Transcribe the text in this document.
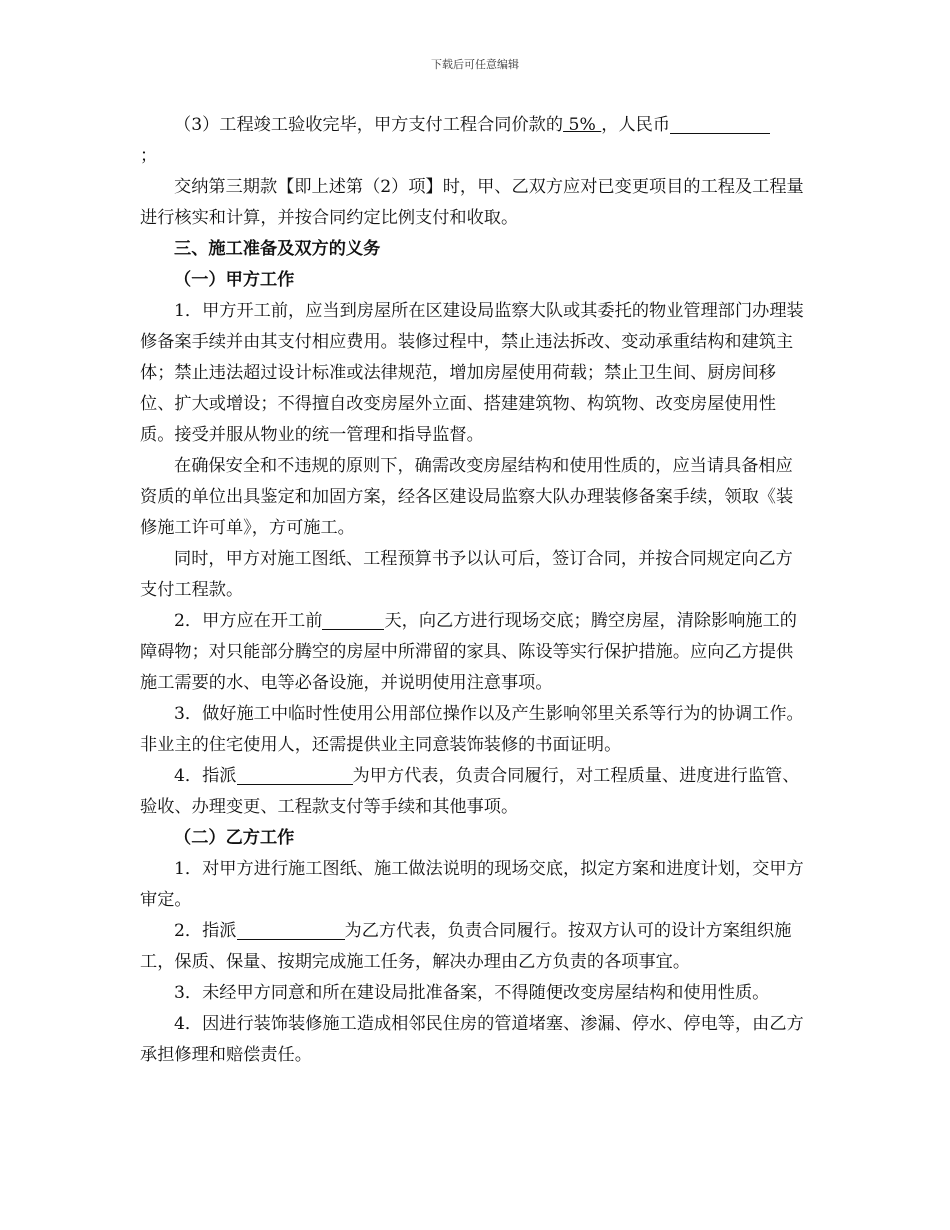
下载后可任意编辑

（3）工程竣工验收完毕，甲方支付工程合同价款的 5% ，人民币

；

交纳第三期款【即上述第（2）项】时，甲、乙双方应对已变更项目的工程及工程量进行核实和计算，并按合同约定比例支付和收取。

三、施工准备及双方的义务

（一）甲方工作

1．甲方开工前，应当到房屋所在区建设局监察大队或其委托的物业管理部门办理装修备案手续并由其支付相应费用。装修过程中，禁止违法拆改、变动承重结构和建筑主体；禁止违法超过设计标准或法律规范，增加房屋使用荷载；禁止卫生间、厨房间移位、扩大或增设；不得擅自改变房屋外立面、搭建建筑物、构筑物、改变房屋使用性质。接受并服从物业的统一管理和指导监督。

在确保安全和不违规的原则下，确需改变房屋结构和使用性质的，应当请具备相应资质的单位出具鉴定和加固方案，经各区建设局监察大队办理装修备案手续，领取《装修施工许可单》，方可施工。

同时，甲方对施工图纸、工程预算书予以认可后，签订合同，并按合同规定向乙方支付工程款。

2．甲方应在开工前	天，向乙方进行现场交底；腾空房屋，清除影响施工的障碍物；对只能部分腾空的房屋中所滞留的家具、陈设等实行保护措施。应向乙方提供施工需要的水、电等必备设施，并说明使用注意事项。

3．做好施工中临时性使用公用部位操作以及产生影响邻里关系等行为的协调工作。非业主的住宅使用人，还需提供业主同意装饰装修的书面证明。

4．指派	为甲方代表，负责合同履行，对工程质量、进度进行监管、验收、办理变更、工程款支付等手续和其他事项。

（二）乙方工作

1．对甲方进行施工图纸、施工做法说明的现场交底，拟定方案和进度计划，交甲方审定。

2．指派	为乙方代表，负责合同履行。按双方认可的设计方案组织施工，保质、保量、按期完成施工任务，解决办理由乙方负责的各项事宜。

3．未经甲方同意和所在建设局批准备案，不得随便改变房屋结构和使用性质。

4．因进行装饰装修施工造成相邻民住房的管道堵塞、渗漏、停水、停电等，由乙方承担修理和赔偿责任。
